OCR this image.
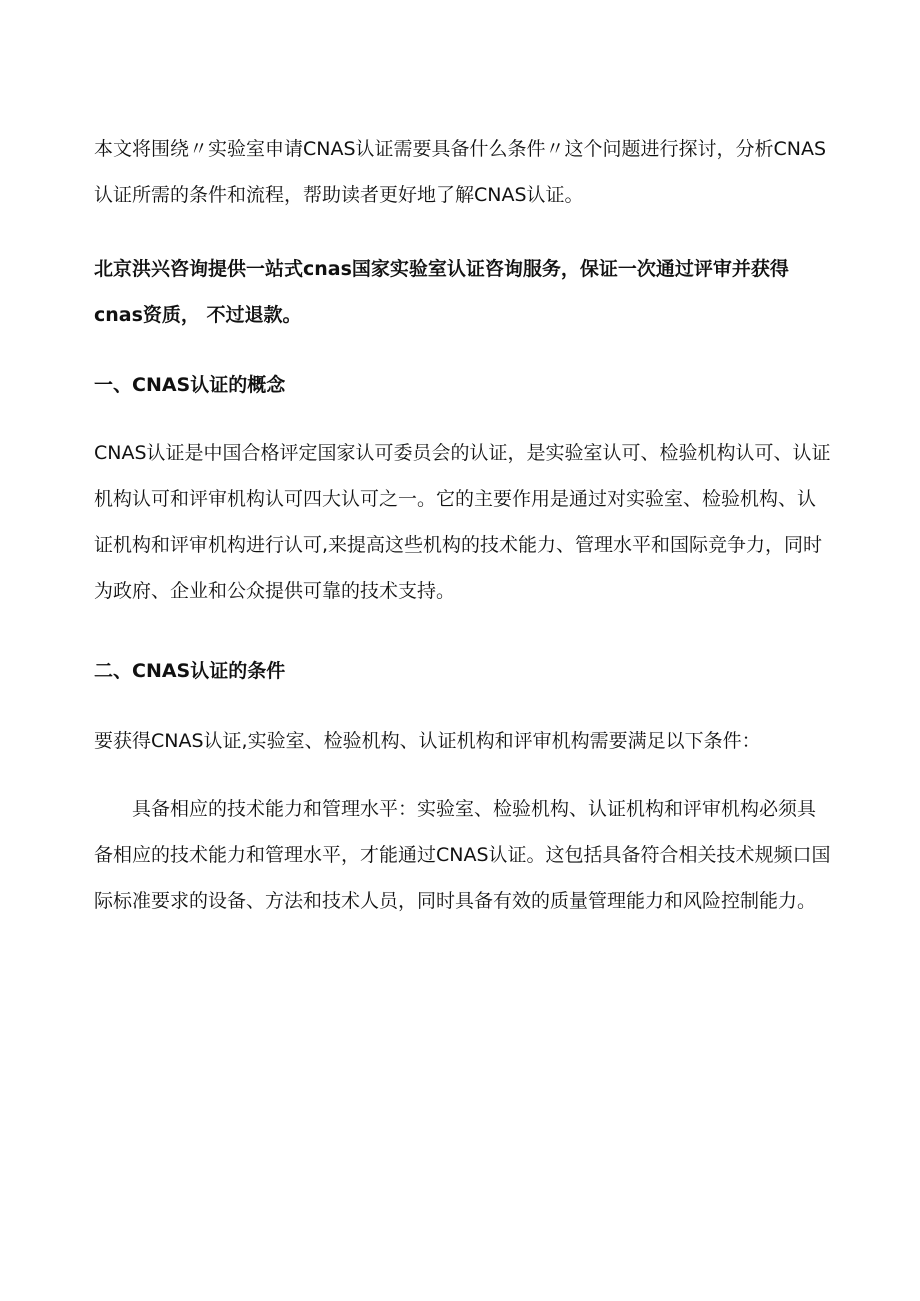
本文将围绕〃实验室申请CNAS认证需要具备什么条件〃这个问题进行探讨，分析CNAS认证所需的条件和流程，帮助读者更好地了解CNAS认证。

北京洪兴咨询提供一站式cnas国家实验室认证咨询服务，保证一次通过评审并获得cnas资质， 不过退款。

一、CNAS认证的概念

CNAS认证是中国合格评定国家认可委员会的认证，是实验室认可、检验机构认可、认证机构认可和评审机构认可四大认可之一。它的主要作用是通过对实验室、检验机构、认证机构和评审机构进行认可,来提高这些机构的技术能力、管理水平和国际竞争力，同时为政府、企业和公众提供可靠的技术支持。

二、CNAS认证的条件

要获得CNAS认证,实验室、检验机构、认证机构和评审机构需要满足以下条件：

具备相应的技术能力和管理水平：实验室、检验机构、认证机构和评审机构必须具备相应的技术能力和管理水平，才能通过CNAS认证。这包括具备符合相关技术规频口国际标准要求的设备、方法和技术人员，同时具备有效的质量管理能力和风险控制能力。
